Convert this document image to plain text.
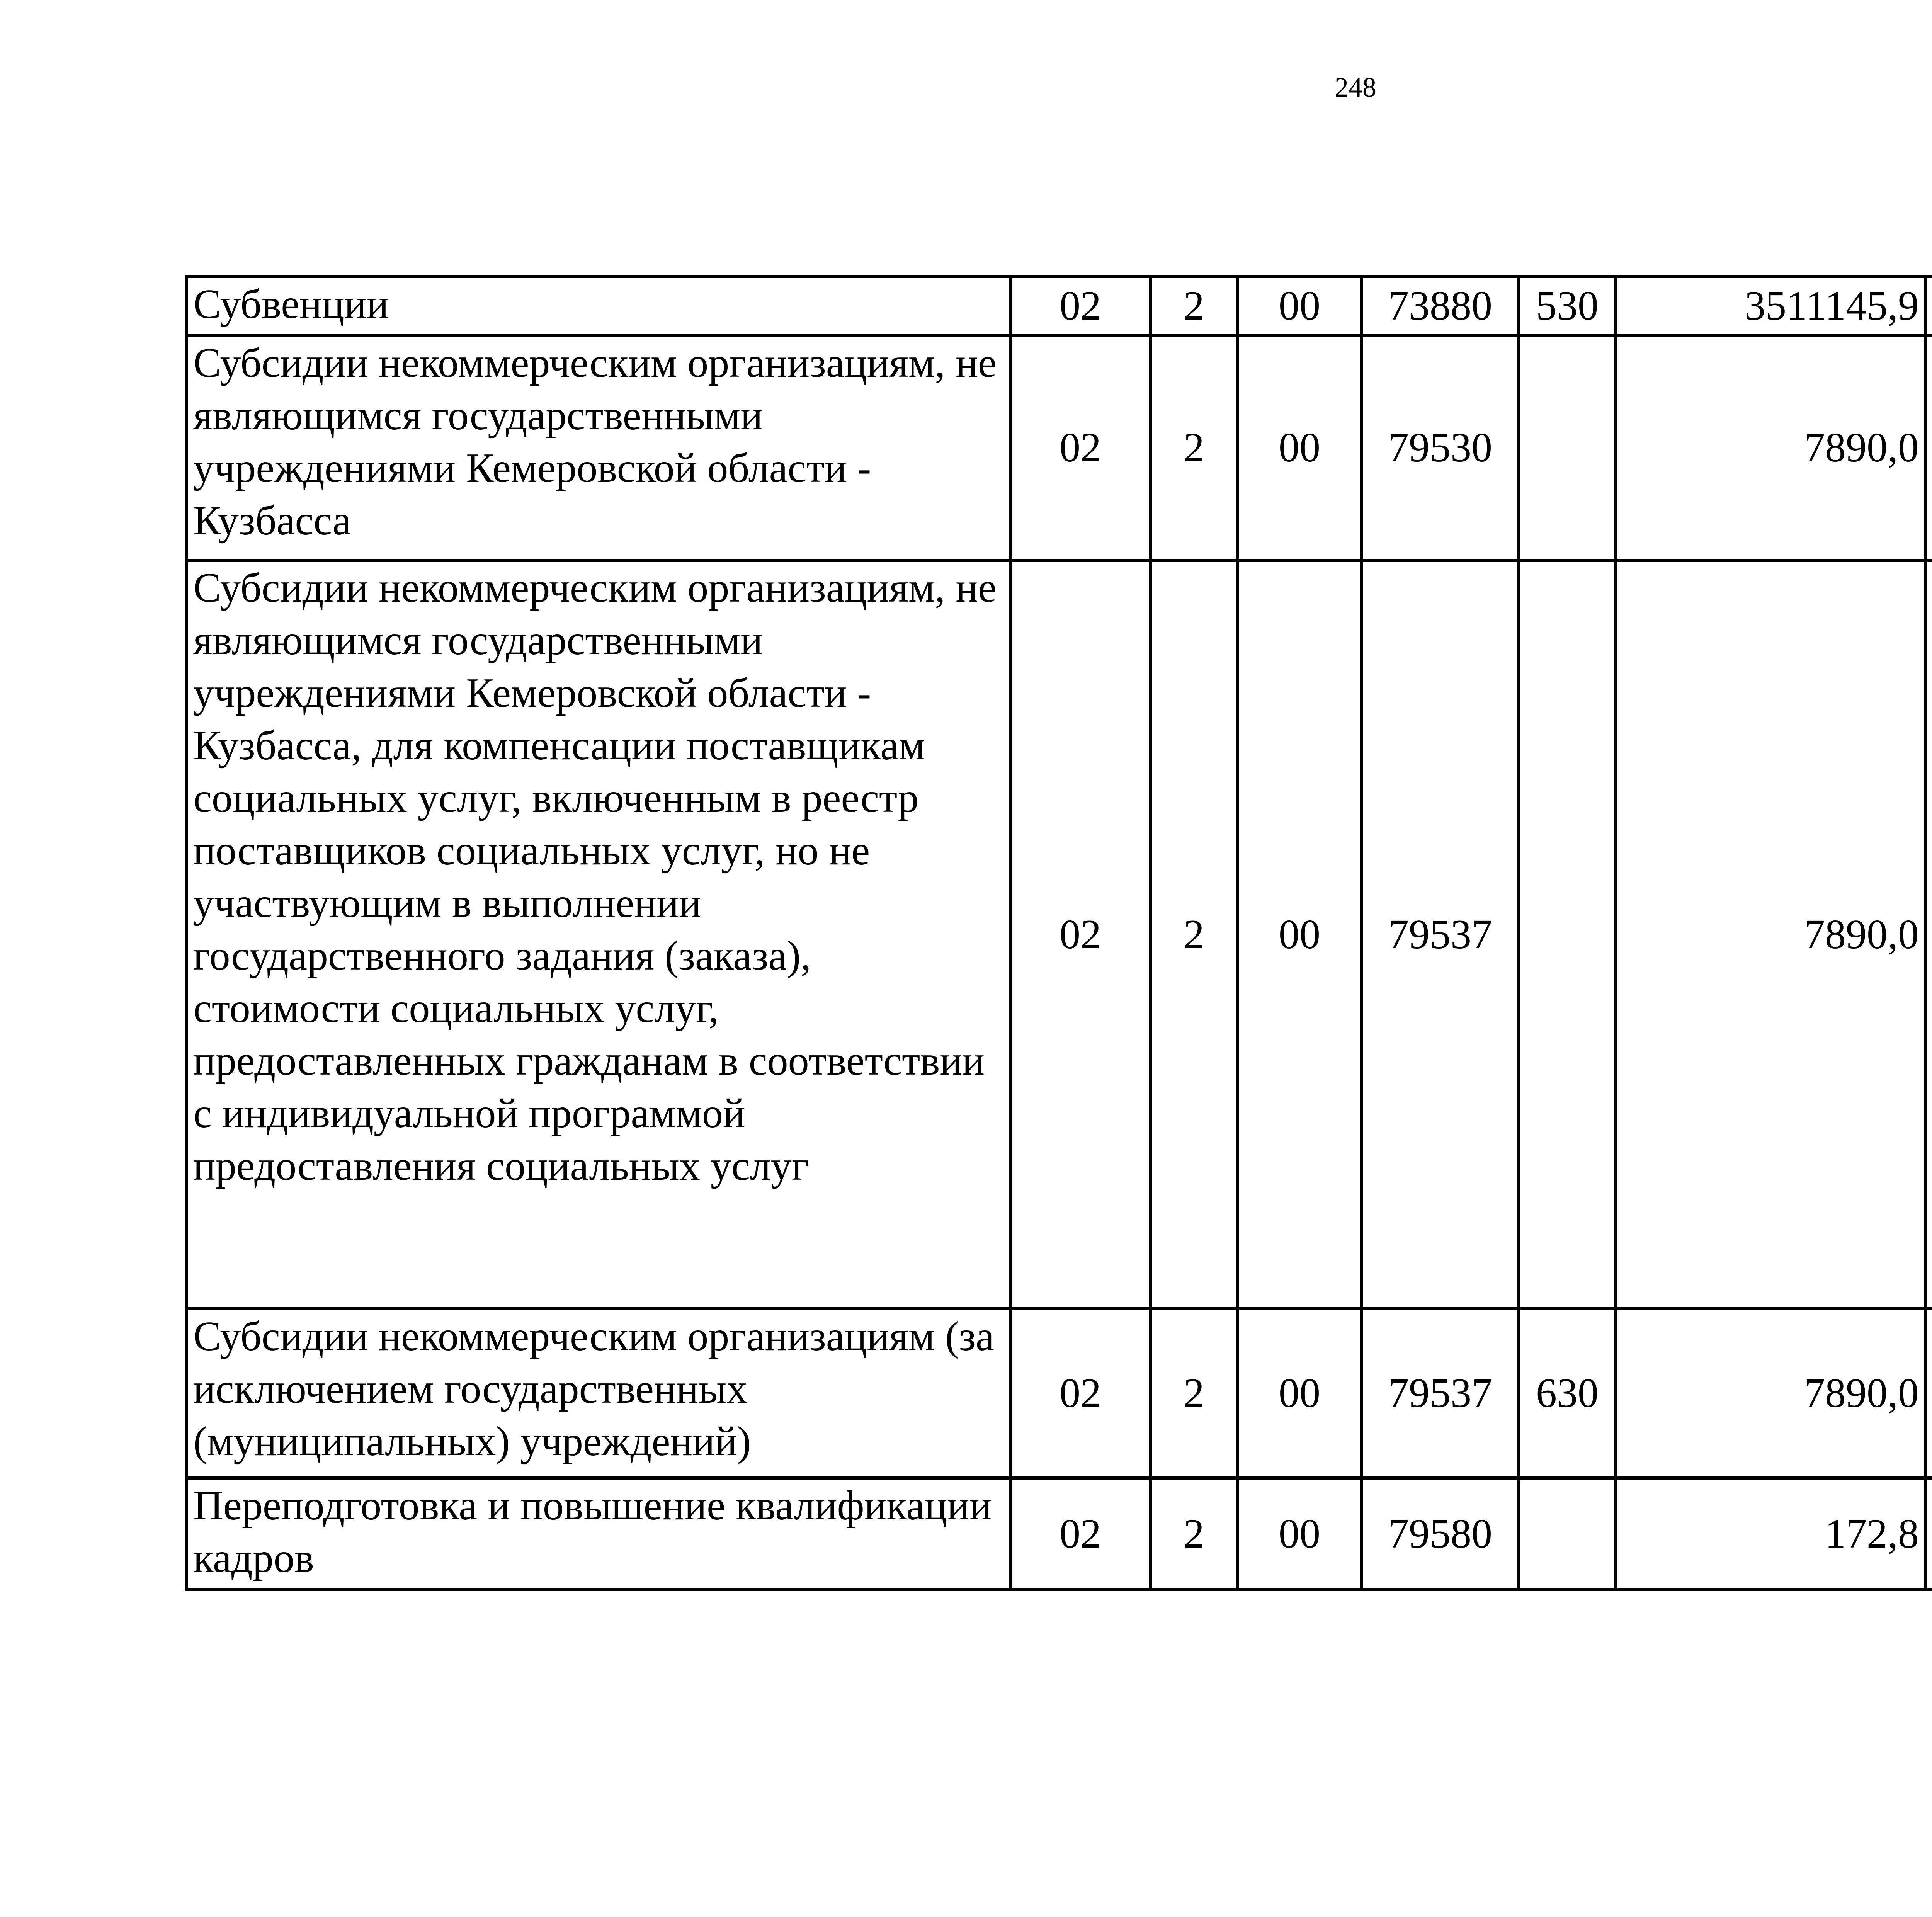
248
Субвенции	02	2	00	73880	530	3511145,9		
Субсидии некоммерческим организациям, не являющимся государственными учреждениями Кемеровской области - Кузбасса	02	2	00	79530		7890,0		
Субсидии некоммерческим организациям, не являющимся государственными учреждениями Кемеровской области - Кузбасса, для компенсации поставщикам социальных услуг, включенным в реестр поставщиков социальных услуг, но не участвующим в выполнении государственного задания (заказа), стоимости социальных услуг, предоставленных гражданам в соответствии с индивидуальной программой предоставления социальных услуг	02	2	00	79537		7890,0		
Субсидии некоммерческим организациям (за исключением государственных (муниципальных) учреждений)	02	2	00	79537	630	7890,0		
Переподготовка и повышение квалификации кадров	02	2	00	79580		172,8		
